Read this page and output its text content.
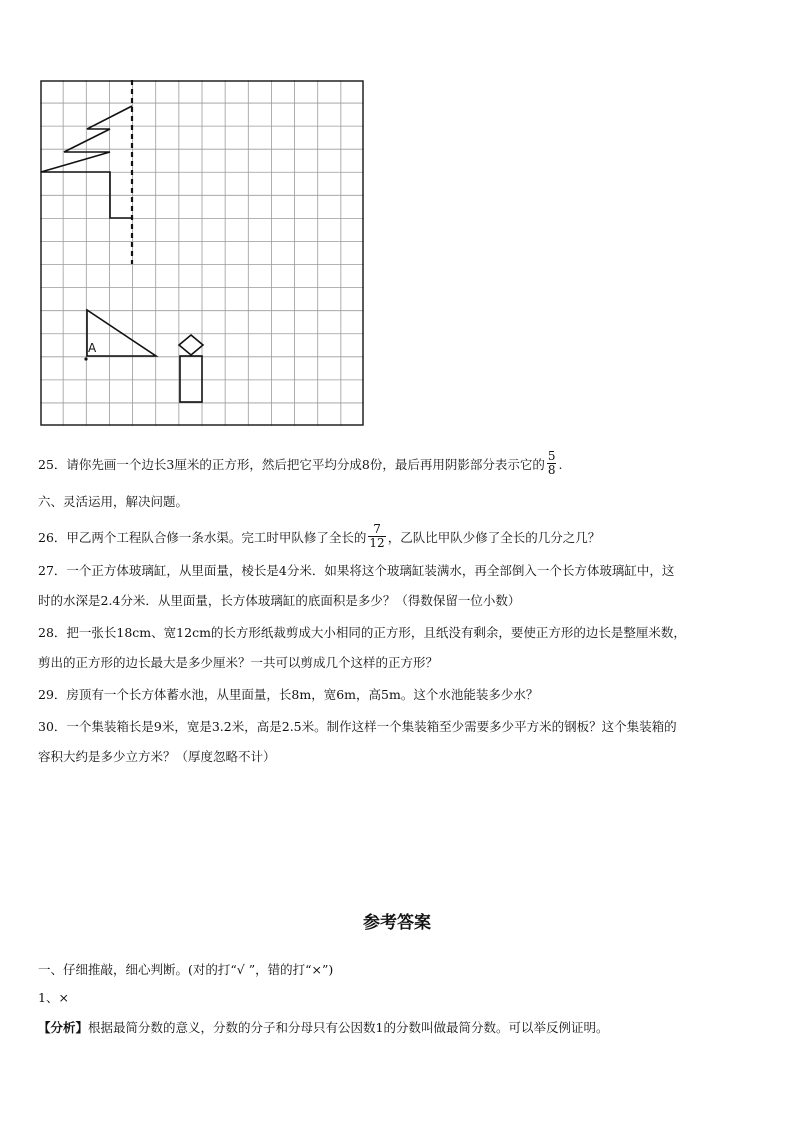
A
25．请你先画一个边长3厘米的正方形，然后把它平均分成8份，最后再用阴影部分表示它的 $\frac{5}{8}$ .
六、灵活运用，解决问题。
26．甲乙两个工程队合修一条水渠。完工时甲队修了全长的 $\frac{7}{12}$ ，乙队比甲队少修了全长的几分之几？
27．一个正方体玻璃缸，从里面量，棱长是4分米．如果将这个玻璃缸装满水，再全部倒入一个长方体玻璃缸中，这
时的水深是2.4分米．从里面量，长方体玻璃缸的底面积是多少？（得数保留一位小数）
28．把一张长18cm、宽12cm的长方形纸裁剪成大小相同的正方形，且纸没有剩余，要使正方形的边长是整厘米数，
剪出的正方形的边长最大是多少厘米？一共可以剪成几个这样的正方形？
29．房顶有一个长方体蓄水池，从里面量，长8m，宽6m，高5m。这个水池能装多少水？
30．一个集装箱长是9米，宽是3.2米，高是2.5米。制作这样一个集装箱至少需要多少平方米的钢板？这个集装箱的
容积大约是多少立方米？（厚度忽略不计）
参考答案
一、仔细推敲，细心判断。(对的打“√ ”，错的打“×”)
1、×
【分析】根据最简分数的意义，分数的分子和分母只有公因数1的分数叫做最简分数。可以举反例证明。
